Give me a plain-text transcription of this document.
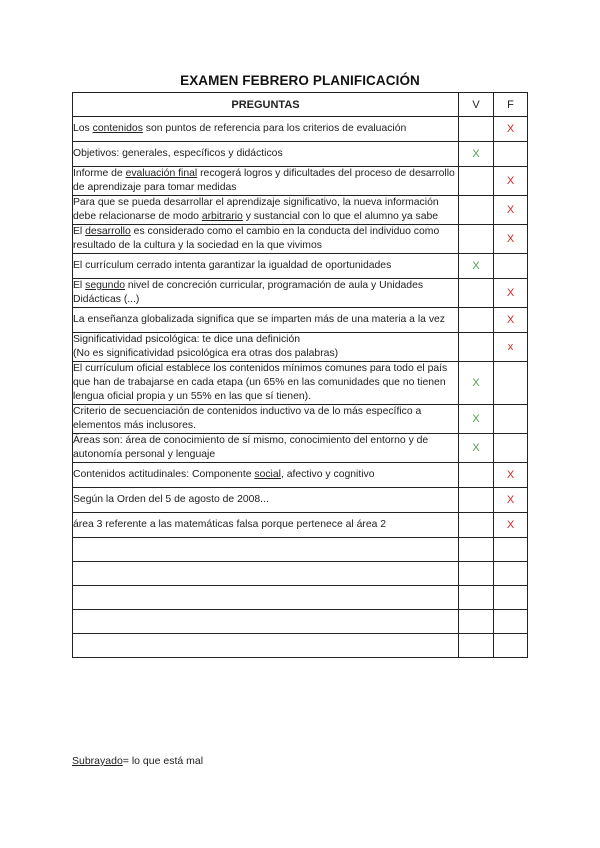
EXAMEN FEBRERO PLANIFICACIÓN
PREGUNTAS	V	F
Los contenidos son puntos de referencia para los criterios de evaluación		X
Objetivos: generales, específicos y didácticos	X	
Informe de evaluación final recogerá logros y dificultades del proceso de desarrollo de aprendizaje para tomar medidas		X
Para que se pueda desarrollar el aprendizaje significativo, la nueva información debe relacionarse de modo arbitrario y sustancial con lo que el alumno ya sabe		X
El desarrollo es considerado como el cambio en la conducta del individuo como resultado de la cultura y la sociedad en la que vivimos		X
El currículum cerrado intenta garantizar la igualdad de oportunidades	X	
El segundo nivel de concreción curricular, programación de aula y Unidades Didácticas (...)		X
La enseñanza globalizada significa que se imparten más de una materia a la vez		X
Significatividad psicológica: te dice una definición
(No es significatividad psicológica era otras dos palabras)		x
El currículum oficial establece los contenidos mínimos comunes para todo el país que han de trabajarse en cada etapa (un 65% en las comunidades que no tienen lengua oficial propia y un 55% en las que sí tienen).	X	
Criterio de secuenciación de contenidos inductivo va de lo más específico a elementos más inclusores.	X	
Áreas son: área de conocimiento de sí mismo, conocimiento del entorno y de autonomía personal y lenguaje	X	
Contenidos actitudinales: Componente social, afectivo y cognitivo		X
Según la Orden del 5 de agosto de 2008...		X
área 3 referente a las matemáticas falsa porque pertenece al área 2		X

Subrayado= lo que está mal
